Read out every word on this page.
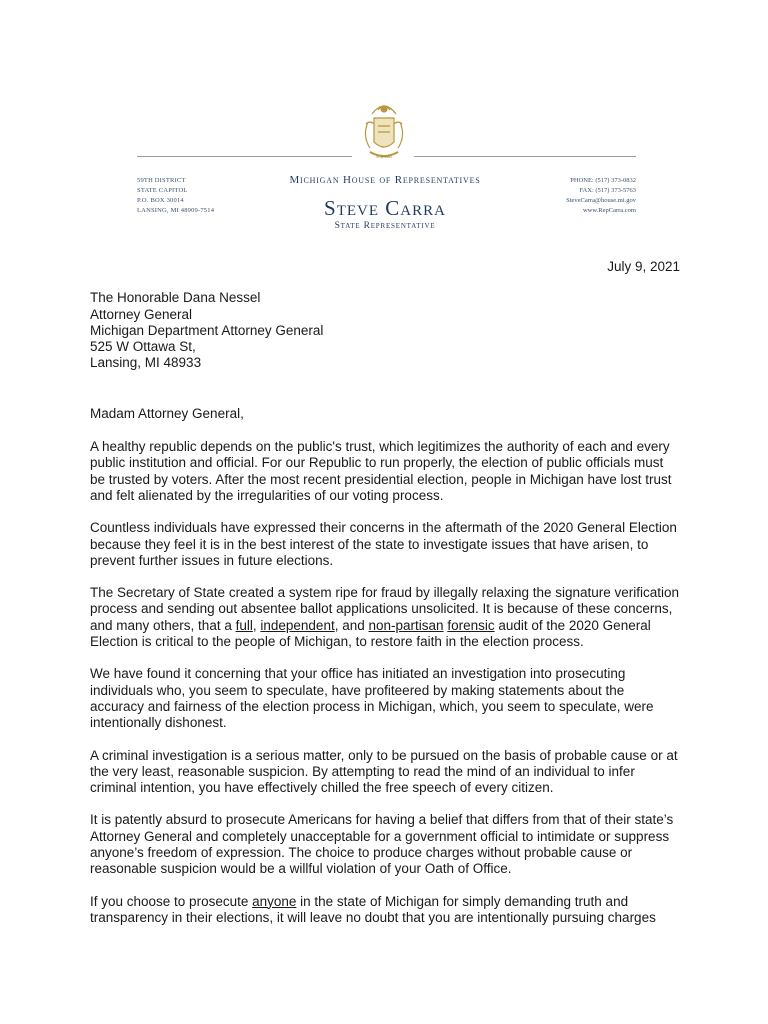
SI QUÆRIS
59TH DISTRICT
STATE CAPITOL
P.O. BOX 30014
LANSING, MI 48909-7514
Michigan House of Representatives
Steve Carra
State Representative
PHONE: (517) 373-0832
FAX: (517) 373-5763
SteveCarra@house.mi.gov
www.RepCarra.com
July 9, 2021
The Honorable Dana Nessel
Attorney General
Michigan Department Attorney General
525 W Ottawa St,
Lansing, MI 48933
Madam Attorney General,

A healthy republic depends on the public's trust, which legitimizes the authority of each and every public institution and official. For our Republic to run properly, the election of public officials must be trusted by voters. After the most recent presidential election, people in Michigan have lost trust and felt alienated by the irregularities of our voting process.

Countless individuals have expressed their concerns in the aftermath of the 2020 General Election because they feel it is in the best interest of the state to investigate issues that have arisen, to prevent further issues in future elections.

The Secretary of State created a system ripe for fraud by illegally relaxing the signature verification process and sending out absentee ballot applications unsolicited. It is because of these concerns, and many others, that a full, independent, and non-partisan forensic audit of the 2020 General Election is critical to the people of Michigan, to restore faith in the election process.

We have found it concerning that your office has initiated an investigation into prosecuting individuals who, you seem to speculate, have profiteered by making statements about the accuracy and fairness of the election process in Michigan, which, you seem to speculate, were intentionally dishonest.

A criminal investigation is a serious matter, only to be pursued on the basis of probable cause or at the very least, reasonable suspicion. By attempting to read the mind of an individual to infer criminal intention, you have effectively chilled the free speech of every citizen.

It is patently absurd to prosecute Americans for having a belief that differs from that of their state’s Attorney General and completely unacceptable for a government official to intimidate or suppress anyone’s freedom of expression. The choice to produce charges without probable cause or reasonable suspicion would be a willful violation of your Oath of Office.

If you choose to prosecute anyone in the state of Michigan for simply demanding truth and transparency in their elections, it will leave no doubt that you are intentionally pursuing charges
